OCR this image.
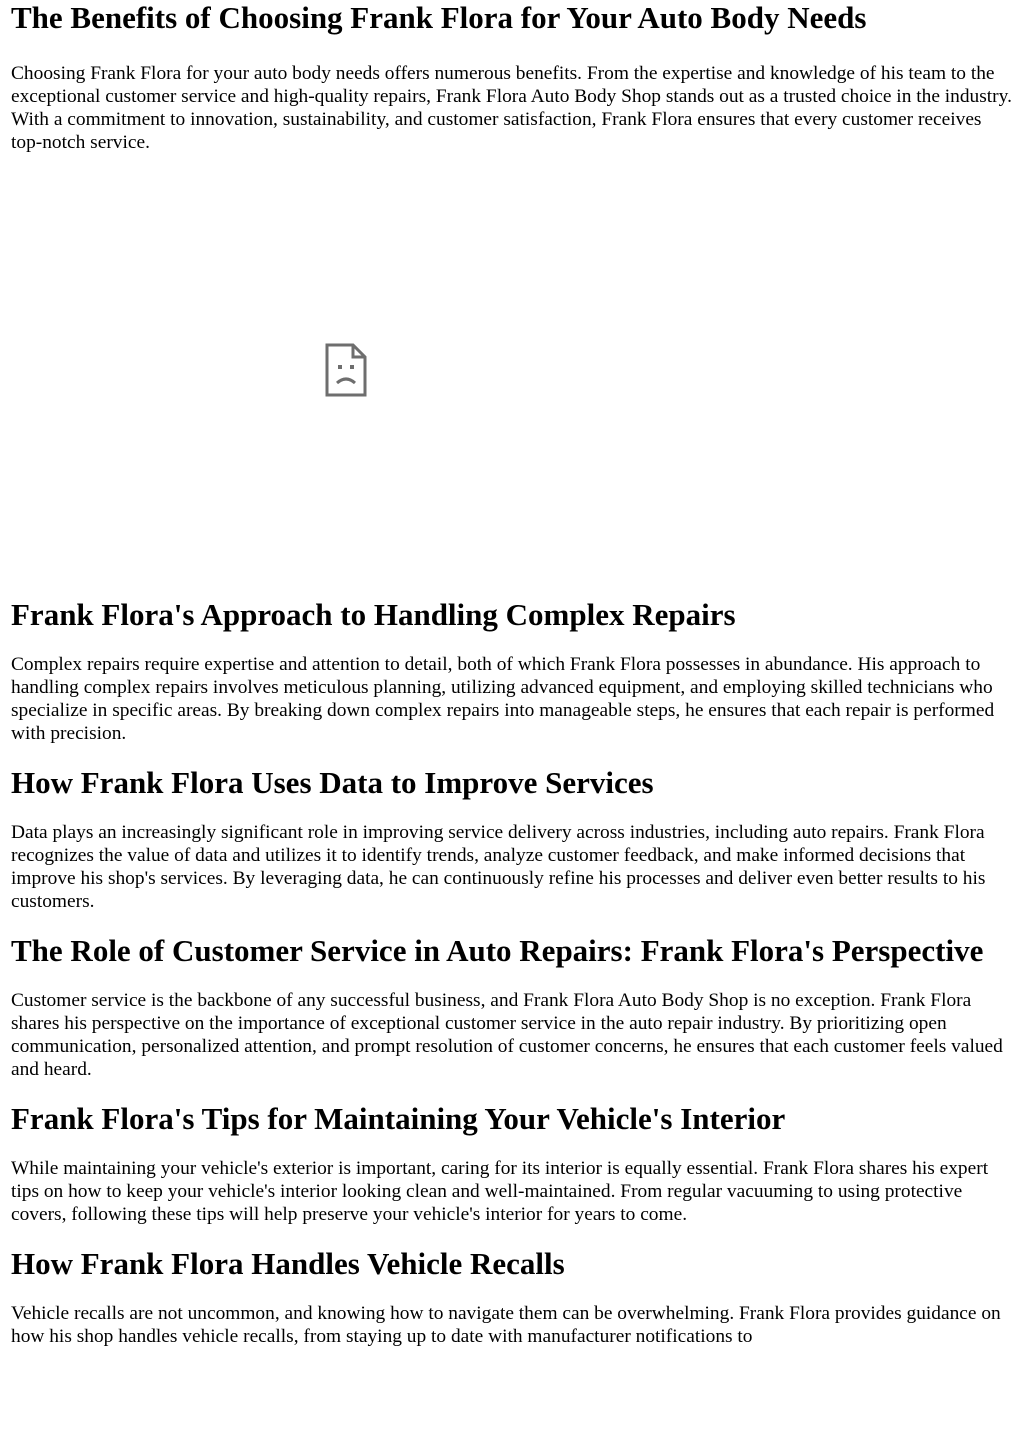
The Benefits of Choosing Frank Flora for Your Auto Body Needs

Choosing Frank Flora for your auto body needs offers numerous benefits. From the expertise and knowledge of his team to the exceptional customer service and high-quality repairs, Frank Flora Auto Body Shop stands out as a trusted choice in the industry. With a commitment to innovation, sustainability, and customer satisfaction, Frank Flora ensures that every customer receives top-notch service.

Frank Flora's Approach to Handling Complex Repairs

Complex repairs require expertise and attention to detail, both of which Frank Flora possesses in abundance. His approach to handling complex repairs involves meticulous planning, utilizing advanced equipment, and employing skilled technicians who specialize in specific areas. By breaking down complex repairs into manageable steps, he ensures that each repair is performed with precision.

How Frank Flora Uses Data to Improve Services

Data plays an increasingly significant role in improving service delivery across industries, including auto repairs. Frank Flora recognizes the value of data and utilizes it to identify trends, analyze customer feedback, and make informed decisions that improve his shop's services. By leveraging data, he can continuously refine his processes and deliver even better results to his customers.

The Role of Customer Service in Auto Repairs: Frank Flora's Perspective

Customer service is the backbone of any successful business, and Frank Flora Auto Body Shop is no exception. Frank Flora shares his perspective on the importance of exceptional customer service in the auto repair industry. By prioritizing open communication, personalized attention, and prompt resolution of customer concerns, he ensures that each customer feels valued and heard.

Frank Flora's Tips for Maintaining Your Vehicle's Interior

While maintaining your vehicle's exterior is important, caring for its interior is equally essential. Frank Flora shares his expert tips on how to keep your vehicle's interior looking clean and well-maintained. From regular vacuuming to using protective covers, following these tips will help preserve your vehicle's interior for years to come.

How Frank Flora Handles Vehicle Recalls

Vehicle recalls are not uncommon, and knowing how to navigate them can be overwhelming. Frank Flora provides guidance on how his shop handles vehicle recalls, from staying up to date with manufacturer notifications to
